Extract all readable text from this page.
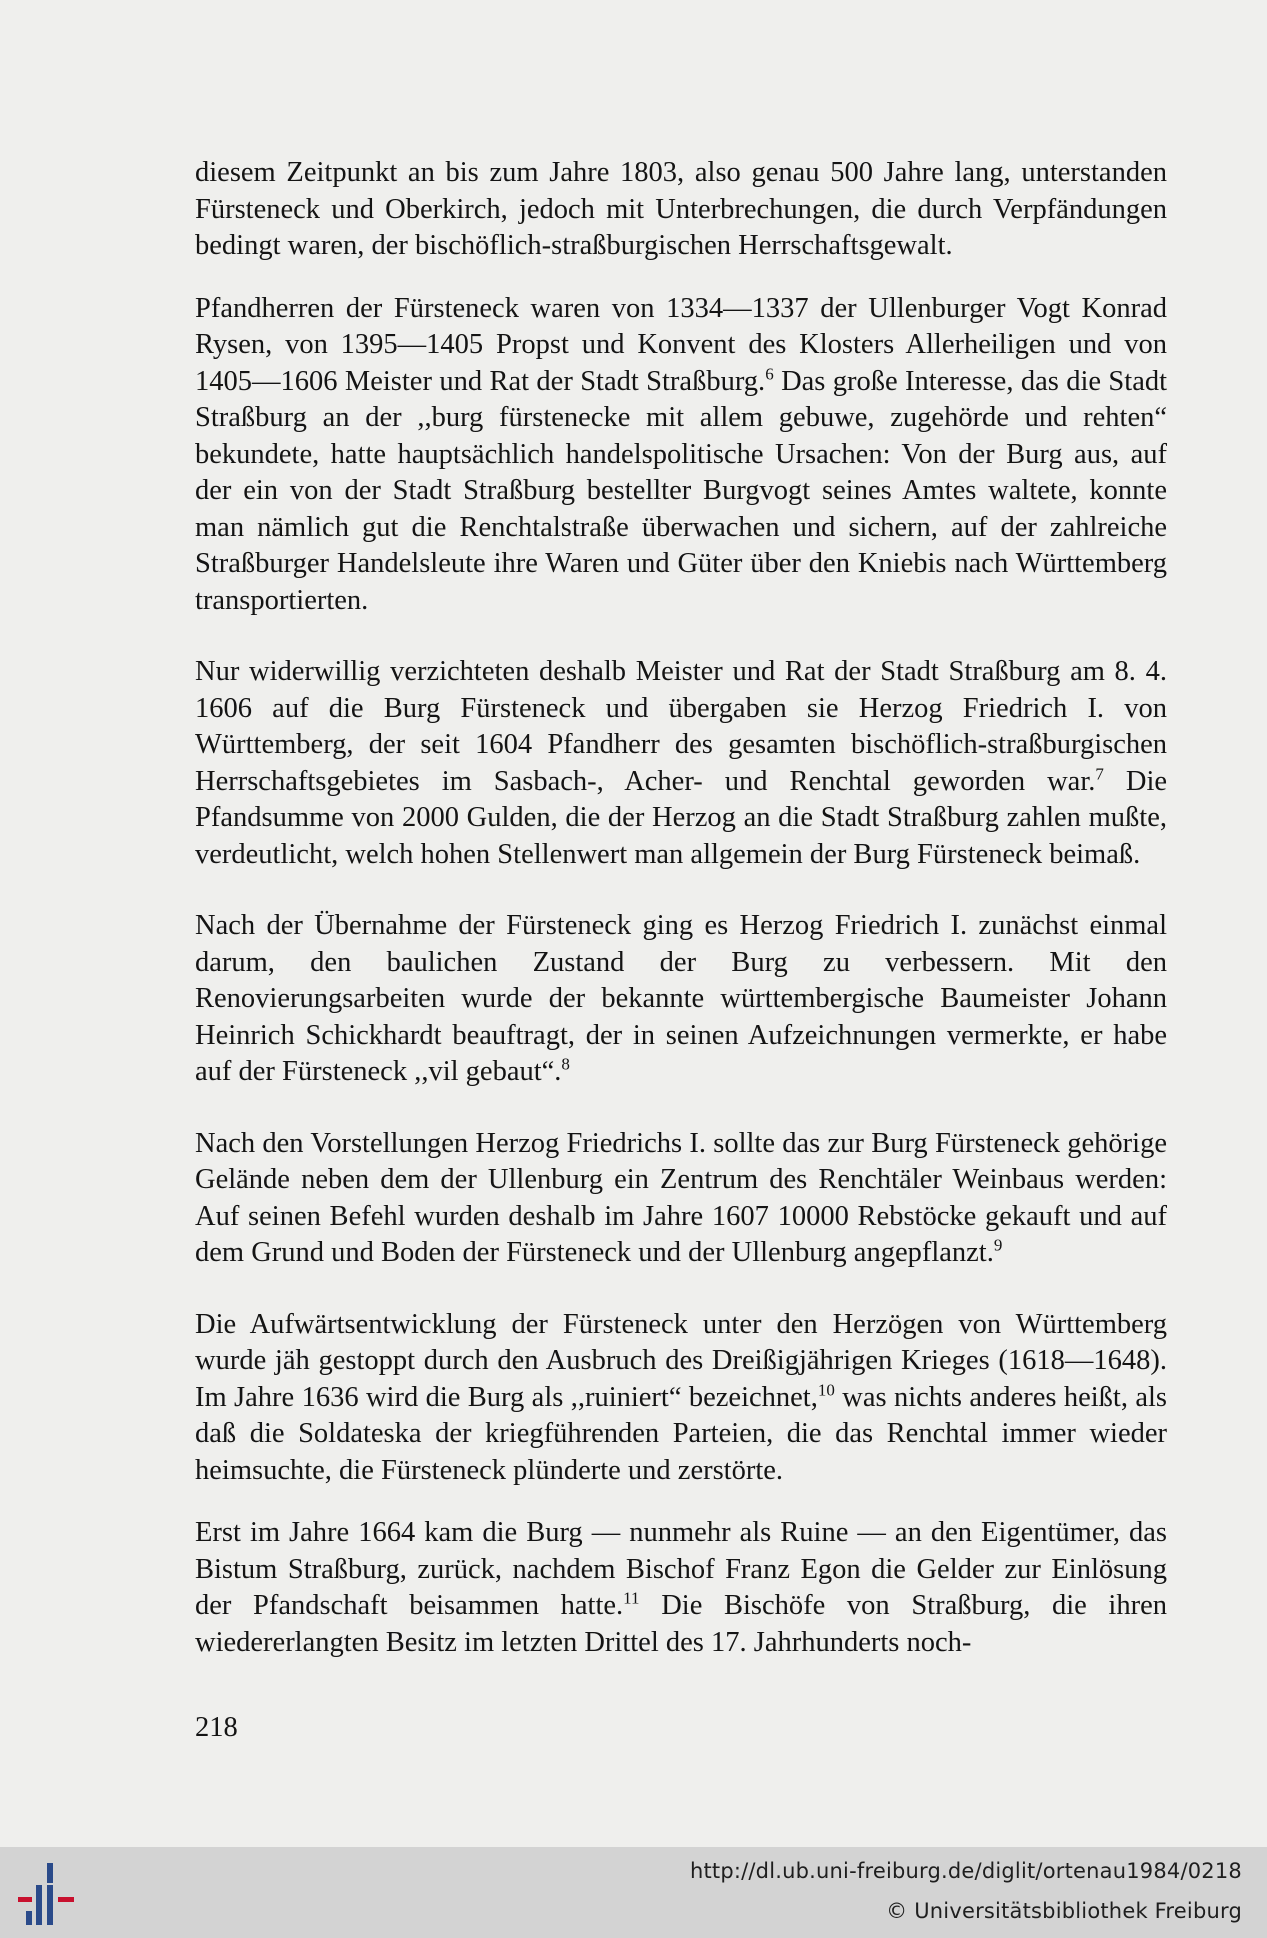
diesem Zeitpunkt an bis zum Jahre 1803, also genau 500 Jahre lang, unterstanden Fürsteneck und Oberkirch, jedoch mit Unterbrechungen, die durch Verpfändungen bedingt waren, der bischöflich-straßburgischen Herrschaftsgewalt.

Pfandherren der Fürsteneck waren von 1334—1337 der Ullenburger Vogt Konrad Rysen, von 1395—1405 Propst und Konvent des Klosters Allerheiligen und von 1405—1606 Meister und Rat der Stadt Straßburg.$^6$ Das große Interesse, das die Stadt Straßburg an der ,,burg fürstenecke mit allem gebuwe, zugehörde und rehten“ bekundete, hatte hauptsächlich handelspolitische Ursachen: Von der Burg aus, auf der ein von der Stadt Straßburg bestellter Burgvogt seines Amtes waltete, konnte man nämlich gut die Renchtalstraße überwachen und sichern, auf der zahlreiche Straßburger Handelsleute ihre Waren und Güter über den Kniebis nach Württemberg transportierten.

Nur widerwillig verzichteten deshalb Meister und Rat der Stadt Straßburg am 8. 4. 1606 auf die Burg Fürsteneck und übergaben sie Herzog Friedrich I. von Württemberg, der seit 1604 Pfandherr des gesamten bischöflich-straßburgischen Herrschaftsgebietes im Sasbach-, Acher- und Renchtal geworden war.$^7$ Die Pfandsumme von 2000 Gulden, die der Herzog an die Stadt Straßburg zahlen mußte, verdeutlicht, welch hohen Stellenwert man allgemein der Burg Fürsteneck beimaß.

Nach der Übernahme der Fürsteneck ging es Herzog Friedrich I. zunächst einmal darum, den baulichen Zustand der Burg zu verbessern. Mit den Renovierungsarbeiten wurde der bekannte württembergische Baumeister Johann Heinrich Schickhardt beauftragt, der in seinen Aufzeichnungen vermerkte, er habe auf der Fürsteneck ,,vil gebaut“.$^8$

Nach den Vorstellungen Herzog Friedrichs I. sollte das zur Burg Fürsteneck gehörige Gelände neben dem der Ullenburg ein Zentrum des Renchtäler Weinbaus werden: Auf seinen Befehl wurden deshalb im Jahre 1607 10000 Rebstöcke gekauft und auf dem Grund und Boden der Fürsteneck und der Ullenburg angepflanzt.$^9$

Die Aufwärtsentwicklung der Fürsteneck unter den Herzögen von Württemberg wurde jäh gestoppt durch den Ausbruch des Dreißigjährigen Krieges (1618—1648). Im Jahre 1636 wird die Burg als ,,ruiniert“ bezeichnet,$^{10}$ was nichts anderes heißt, als daß die Soldateska der kriegführenden Parteien, die das Renchtal immer wieder heimsuchte, die Fürsteneck plünderte und zerstörte.

Erst im Jahre 1664 kam die Burg — nunmehr als Ruine — an den Eigentümer, das Bistum Straßburg, zurück, nachdem Bischof Franz Egon die Gelder zur Einlösung der Pfandschaft beisammen hatte.$^{11}$ Die Bischöfe von Straßburg, die ihren wiedererlangten Besitz im letzten Drittel des 17. Jahrhunderts noch-

218
http://dl.ub.uni-freiburg.de/diglit/ortenau1984/0218
© Universitätsbibliothek Freiburg
